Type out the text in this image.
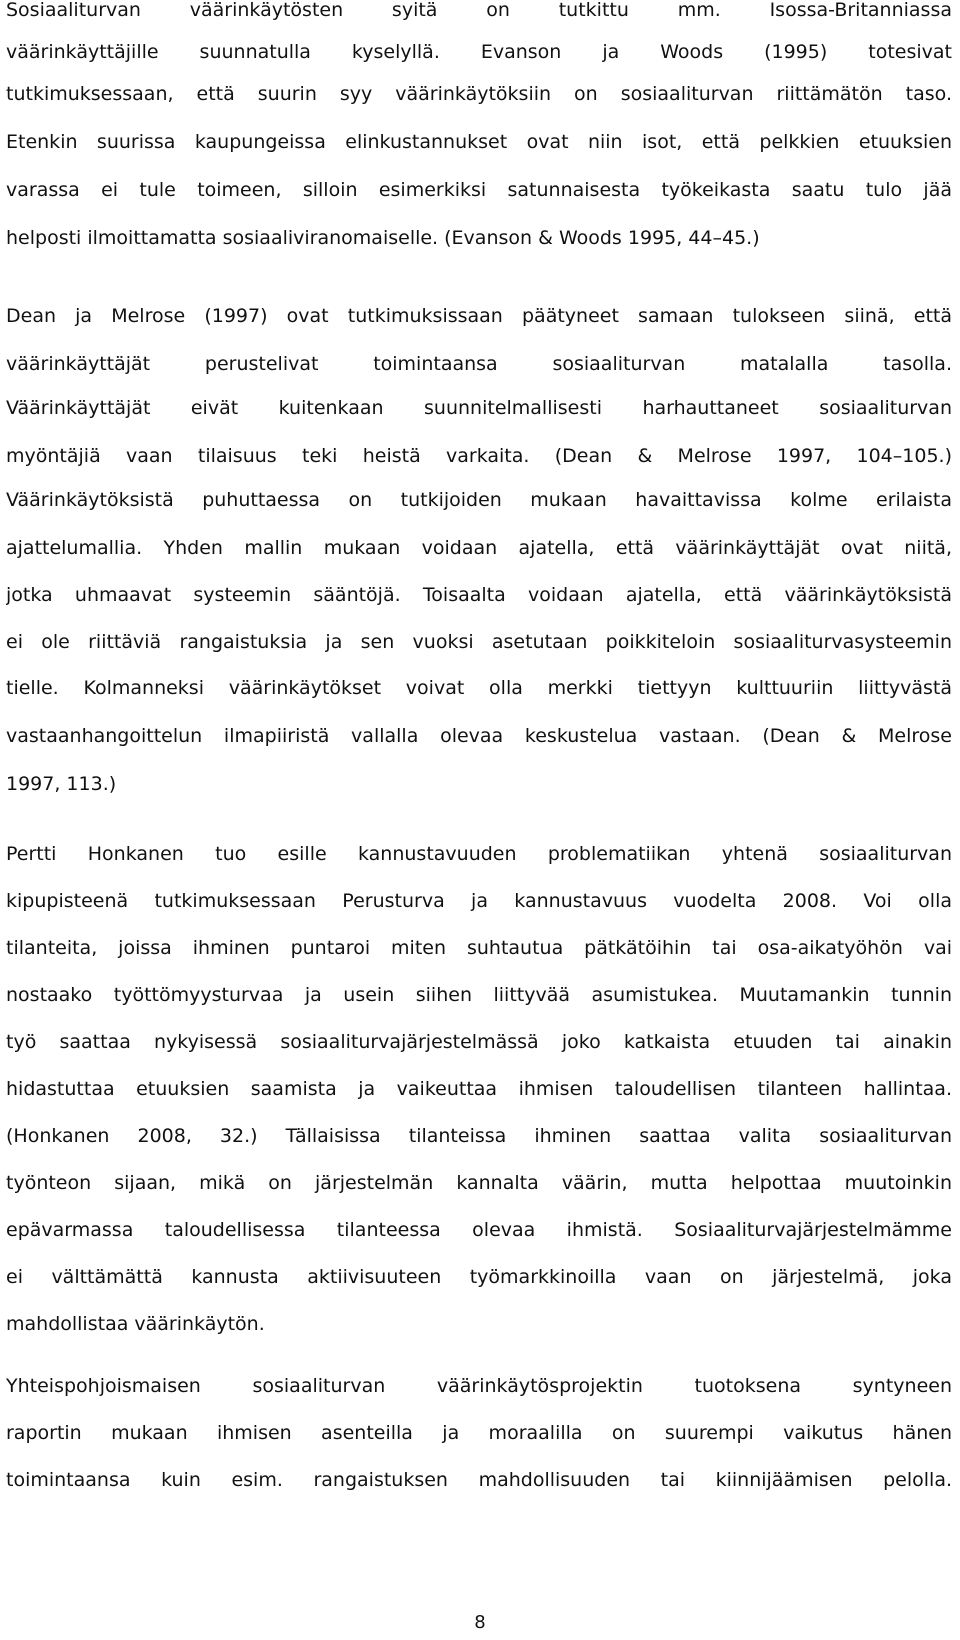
Sosiaaliturvan väärinkäytösten syitä on tutkittu mm. Isossa-Britanniassa
väärinkäyttäjille suunnatulla kyselyllä. Evanson ja Woods (1995) totesivat
tutkimuksessaan, että suurin syy väärinkäytöksiin on sosiaaliturvan riittämätön taso.
Etenkin suurissa kaupungeissa elinkustannukset ovat niin isot, että pelkkien etuuksien
varassa ei tule toimeen, silloin esimerkiksi satunnaisesta työkeikasta saatu tulo jää
helposti ilmoittamatta sosiaaliviranomaiselle. (Evanson & Woods 1995, 44–45.)
Dean ja Melrose (1997) ovat tutkimuksissaan päätyneet samaan tulokseen siinä, että
väärinkäyttäjät perustelivat toimintaansa sosiaaliturvan matalalla tasolla.
Väärinkäyttäjät eivät kuitenkaan suunnitelmallisesti harhauttaneet sosiaaliturvan
myöntäjiä vaan tilaisuus teki heistä varkaita. (Dean & Melrose 1997, 104–105.)
Väärinkäytöksistä puhuttaessa on tutkijoiden mukaan havaittavissa kolme erilaista
ajattelumallia. Yhden mallin mukaan voidaan ajatella, että väärinkäyttäjät ovat niitä,
jotka uhmaavat systeemin sääntöjä. Toisaalta voidaan ajatella, että väärinkäytöksistä
ei ole riittäviä rangaistuksia ja sen vuoksi asetutaan poikkiteloin sosiaaliturvasysteemin
tielle. Kolmanneksi väärinkäytökset voivat olla merkki tiettyyn kulttuuriin liittyvästä
vastaanhangoittelun ilmapiiristä vallalla olevaa keskustelua vastaan. (Dean & Melrose
1997, 113.)
Pertti Honkanen tuo esille kannustavuuden problematiikan yhtenä sosiaaliturvan
kipupisteenä tutkimuksessaan Perusturva ja kannustavuus vuodelta 2008. Voi olla
tilanteita, joissa ihminen puntaroi miten suhtautua pätkätöihin tai osa-aikatyöhön vai
nostaako työttömyysturvaa ja usein siihen liittyvää asumistukea. Muutamankin tunnin
työ saattaa nykyisessä sosiaaliturvajärjestelmässä joko katkaista etuuden tai ainakin
hidastuttaa etuuksien saamista ja vaikeuttaa ihmisen taloudellisen tilanteen hallintaa.
(Honkanen 2008, 32.) Tällaisissa tilanteissa ihminen saattaa valita sosiaaliturvan
työnteon sijaan, mikä on järjestelmän kannalta väärin, mutta helpottaa muutoinkin
epävarmassa taloudellisessa tilanteessa olevaa ihmistä. Sosiaaliturvajärjestelmämme
ei välttämättä kannusta aktiivisuuteen työmarkkinoilla vaan on järjestelmä, joka
mahdollistaa väärinkäytön.
Yhteispohjoismaisen sosiaaliturvan väärinkäytösprojektin tuotoksena syntyneen
raportin mukaan ihmisen asenteilla ja moraalilla on suurempi vaikutus hänen
toimintaansa kuin esim. rangaistuksen mahdollisuuden tai kiinnijäämisen pelolla.
8
